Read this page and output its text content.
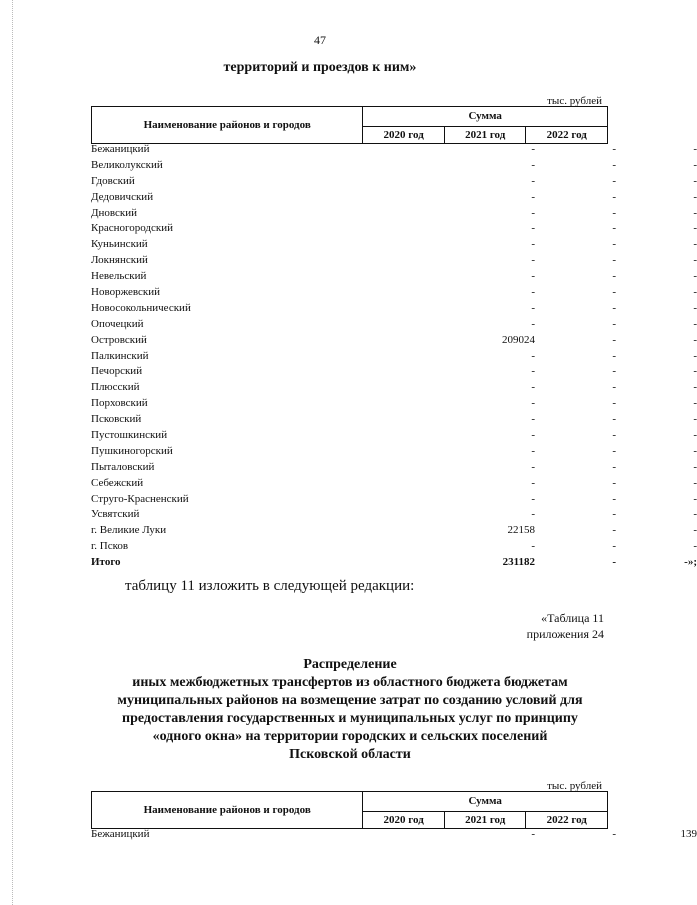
47
территорий и проездов к ним»
тыс. рублей
Наименование районов и городов	Сумма		
	2020 год	2021 год	2022 год
Бежаницкий	-	-	-
Великолукский	-	-	-
Гдовский	-	-	-
Дедовичский	-	-	-
Дновский	-	-	-
Красногородский	-	-	-
Куньинский	-	-	-
Локнянский	-	-	-
Невельский	-	-	-
Новоржевский	-	-	-
Новосокольнический	-	-	-
Опочецкий	-	-	-
Островский	209024	-	-
Палкинский	-	-	-
Печорский	-	-	-
Плюсский	-	-	-
Порховский	-	-	-
Псковский	-	-	-
Пустошкинский	-	-	-
Пушкиногорский	-	-	-
Пыталовский	-	-	-
Себежский	-	-	-
Струго-Красненский	-	-	-
Усвятский	-	-	-
г. Великие Луки	22158	-	-
г. Псков	-	-	-
Итого	231182	-	-»;
таблицу 11 изложить в следующей редакции:
«Таблица 11
приложения 24
Распределение
иных межбюджетных трансфертов из областного бюджета бюджетам
муниципальных районов на возмещение затрат по созданию условий для
предоставления государственных и муниципальных услуг по принципу
«одного окна» на территории городских и сельских поселений
Псковской области
тыс. рублей
Наименование районов и городов	Сумма		
	2020 год	2021 год	2022 год
Бежаницкий	-	-	139
